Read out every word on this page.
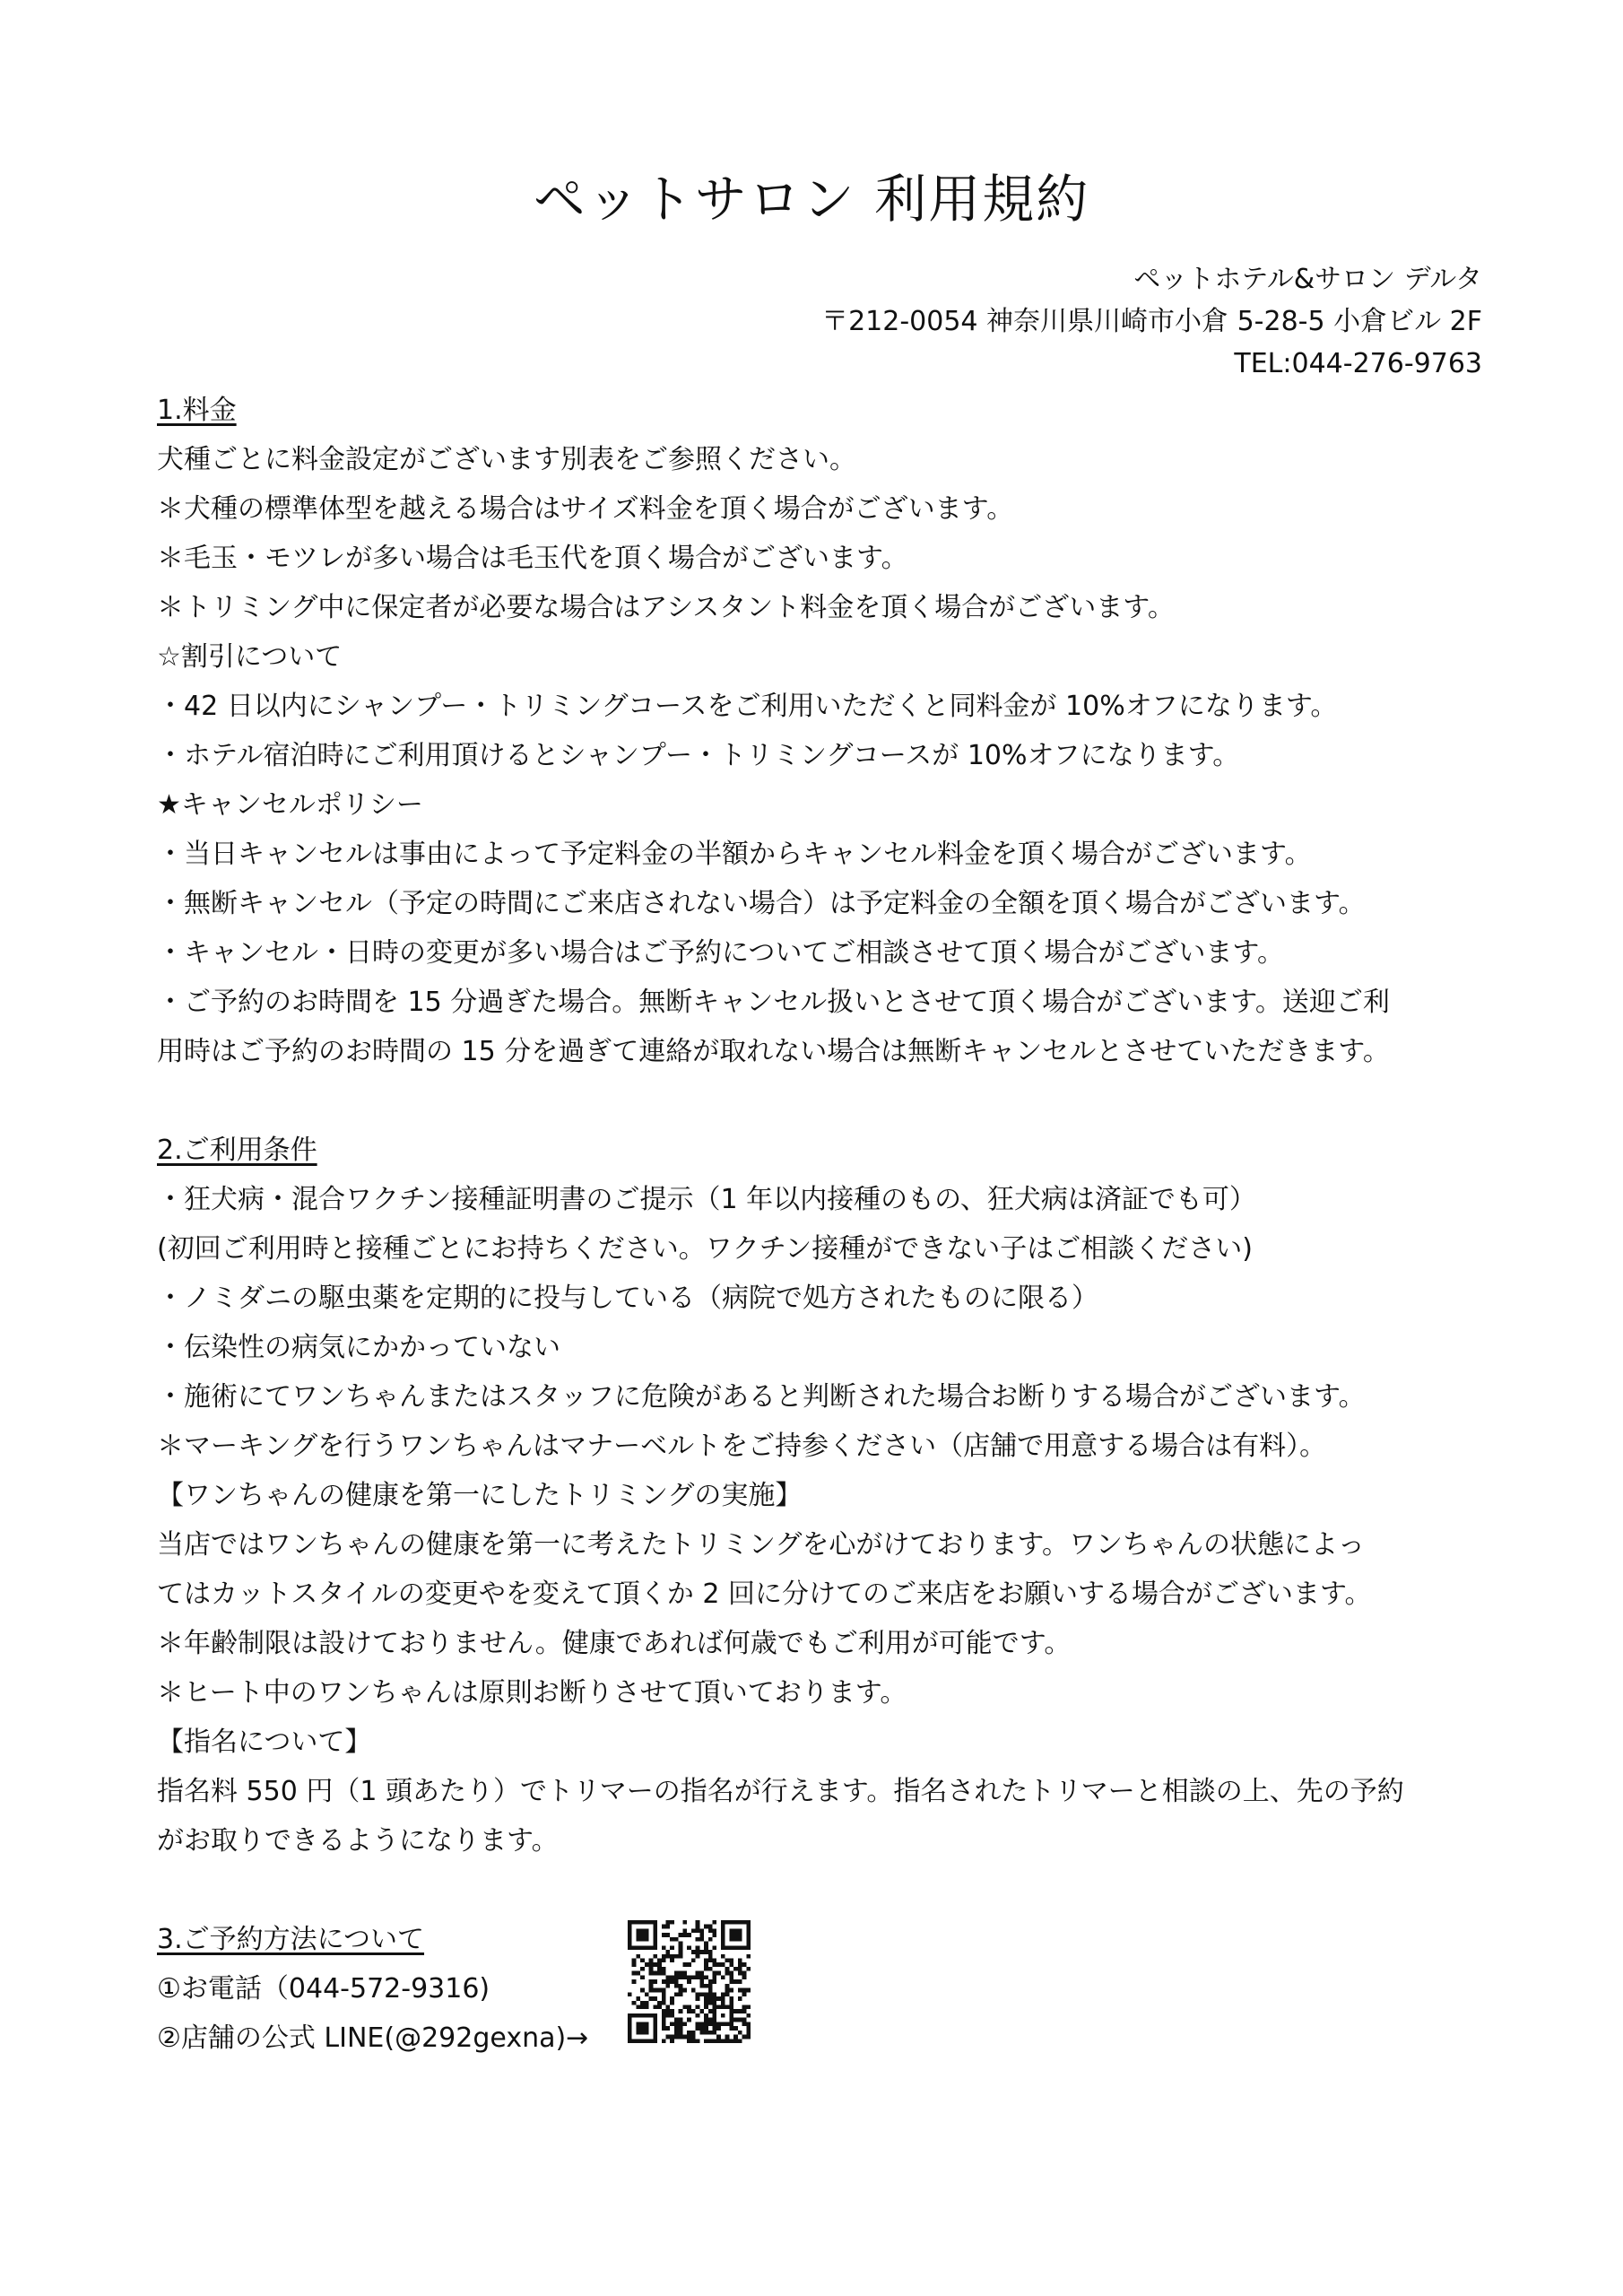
ペットサロン 利用規約
ペットホテル&サロン デルタ
〒212-0054 神奈川県川崎市小倉 5-28-5 小倉ビル 2F
TEL:044-276-9763
1.料金
犬種ごとに料金設定がございます別表をご参照ください。
＊犬種の標準体型を越える場合はサイズ料金を頂く場合がございます。
＊毛玉・モツレが多い場合は毛玉代を頂く場合がございます。
＊トリミング中に保定者が必要な場合はアシスタント料金を頂く場合がございます。
☆割引について
・42 日以内にシャンプー・トリミングコースをご利用いただくと同料金が 10%オフになります。
・ホテル宿泊時にご利用頂けるとシャンプー・トリミングコースが 10%オフになります。
★キャンセルポリシー
・当日キャンセルは事由によって予定料金の半額からキャンセル料金を頂く場合がございます。
・無断キャンセル（予定の時間にご来店されない場合）は予定料金の全額を頂く場合がございます。
・キャンセル・日時の変更が多い場合はご予約についてご相談させて頂く場合がございます。
・ご予約のお時間を 15 分過ぎた場合。無断キャンセル扱いとさせて頂く場合がございます。送迎ご利
用時はご予約のお時間の 15 分を過ぎて連絡が取れない場合は無断キャンセルとさせていただきます。
2.ご利用条件
・狂犬病・混合ワクチン接種証明書のご提示（1 年以内接種のもの、狂犬病は済証でも可）
(初回ご利用時と接種ごとにお持ちください。ワクチン接種ができない子はご相談ください)
・ノミダニの駆虫薬を定期的に投与している（病院で処方されたものに限る）
・伝染性の病気にかかっていない
・施術にてワンちゃんまたはスタッフに危険があると判断された場合お断りする場合がございます。
＊マーキングを行うワンちゃんはマナーベルトをご持参ください（店舗で用意する場合は有料）。
【ワンちゃんの健康を第一にしたトリミングの実施】
当店ではワンちゃんの健康を第一に考えたトリミングを心がけております。ワンちゃんの状態によっ
てはカットスタイルの変更やを変えて頂くか 2 回に分けてのご来店をお願いする場合がございます。
＊年齢制限は設けておりません。健康であれば何歳でもご利用が可能です。
＊ヒート中のワンちゃんは原則お断りさせて頂いております。
【指名について】
指名料 550 円（1 頭あたり）でトリマーの指名が行えます。指名されたトリマーと相談の上、先の予約
がお取りできるようになります。
3.ご予約方法について
①お電話（044-572-9316)
②店舗の公式 LINE(@292gexna)→
